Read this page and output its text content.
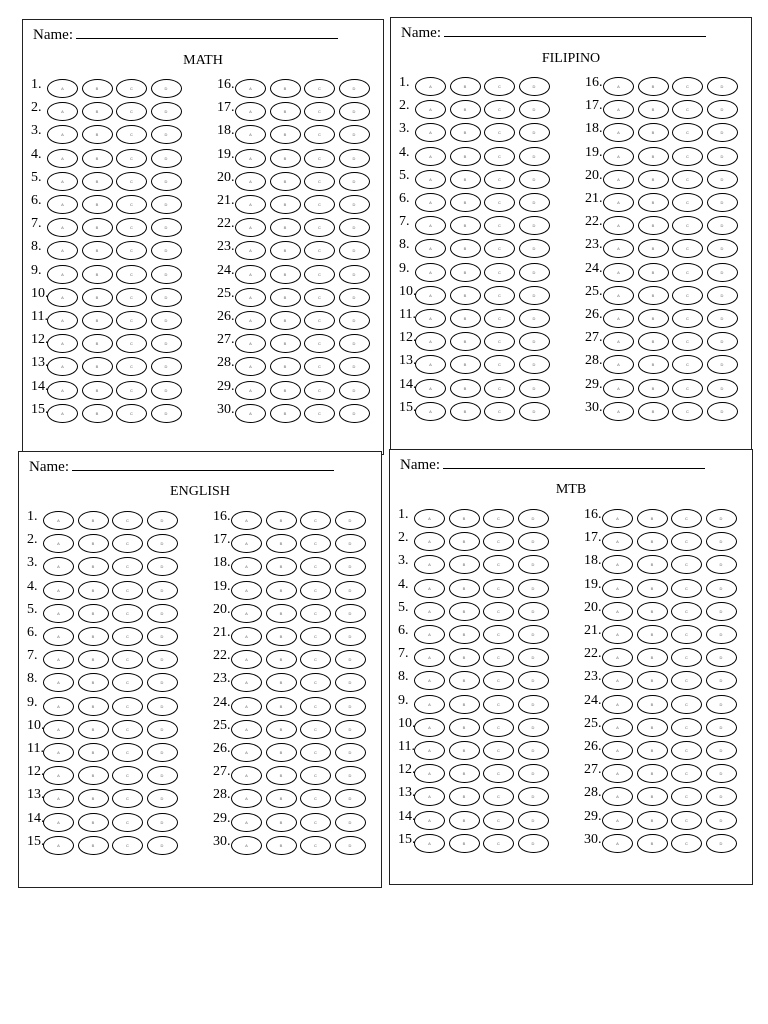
Name:
MATH
1.	A	B	C	D
2.	A	B	C	D
3.	A	B	C	D
4.	A	B	C	D
5.	A	B	C	D
6.	A	B	C	D
7.	A	B	C	D
8.	A	B	C	D
9.	A	B	C	D
10.	A	B	C	D
11.	A	B	C	D
12.	A	B	C	D
13.	A	B	C	D
14.	A	B	C	D
15.	A	B	C	D
16.	A	B	C	D
17.	A	B	C	D
18.	A	B	C	D
19.	A	B	C	D
20.	A	B	C	D
21.	A	B	C	D
22.	A	B	C	D
23.	A	B	C	D
24.	A	B	C	D
25.	A	B	C	D
26.	A	B	C	D
27.	A	B	C	D
28.	A	B	C	D
29.	A	B	C	D
30.	A	B	C	D
Name:
FILIPINO
1.	A	B	C	D
2.	A	B	C	D
3.	A	B	C	D
4.	A	B	C	D
5.	A	B	C	D
6.	A	B	C	D
7.	A	B	C	D
8.	A	B	C	D
9.	A	B	C	D
10.	A	B	C	D
11.	A	B	C	D
12.	A	B	C	D
13.	A	B	C	D
14.	A	B	C	D
15.	A	B	C	D
16.	A	B	C	D
17.	A	B	C	D
18.	A	B	C	D
19.	A	B	C	D
20.	A	B	C	D
21.	A	B	C	D
22.	A	B	C	D
23.	A	B	C	D
24.	A	B	C	D
25.	A	B	C	D
26.	A	B	C	D
27.	A	B	C	D
28.	A	B	C	D
29.	A	B	C	D
30.	A	B	C	D
Name:
ENGLISH
1.	A	B	C	D
2.	A	B	C	D
3.	A	B	C	D
4.	A	B	C	D
5.	A	B	C	D
6.	A	B	C	D
7.	A	B	C	D
8.	A	B	C	D
9.	A	B	C	D
10.	A	B	C	D
11.	A	B	C	D
12.	A	B	C	D
13.	A	B	C	D
14.	A	B	C	D
15.	A	B	C	D
16.	A	B	C	D
17.	A	B	C	D
18.	A	B	C	D
19.	A	B	C	D
20.	A	B	C	D
21.	A	B	C	D
22.	A	B	C	D
23.	A	B	C	D
24.	A	B	C	D
25.	A	B	C	D
26.	A	B	C	D
27.	A	B	C	D
28.	A	B	C	D
29.	A	B	C	D
30.	A	B	C	D
Name:
MTB
1.	A	B	C	D
2.	A	B	C	D
3.	A	B	C	D
4.	A	B	C	D
5.	A	B	C	D
6.	A	B	C	D
7.	A	B	C	D
8.	A	B	C	D
9.	A	B	C	D
10.	A	B	C	D
11.	A	B	C	D
12.	A	B	C	D
13.	A	B	C	D
14.	A	B	C	D
15.	A	B	C	D
16.	A	B	C	D
17.	A	B	C	D
18.	A	B	C	D
19.	A	B	C	D
20.	A	B	C	D
21.	A	B	C	D
22.	A	B	C	D
23.	A	B	C	D
24.	A	B	C	D
25.	A	B	C	D
26.	A	B	C	D
27.	A	B	C	D
28.	A	B	C	D
29.	A	B	C	D
30.	A	B	C	D
